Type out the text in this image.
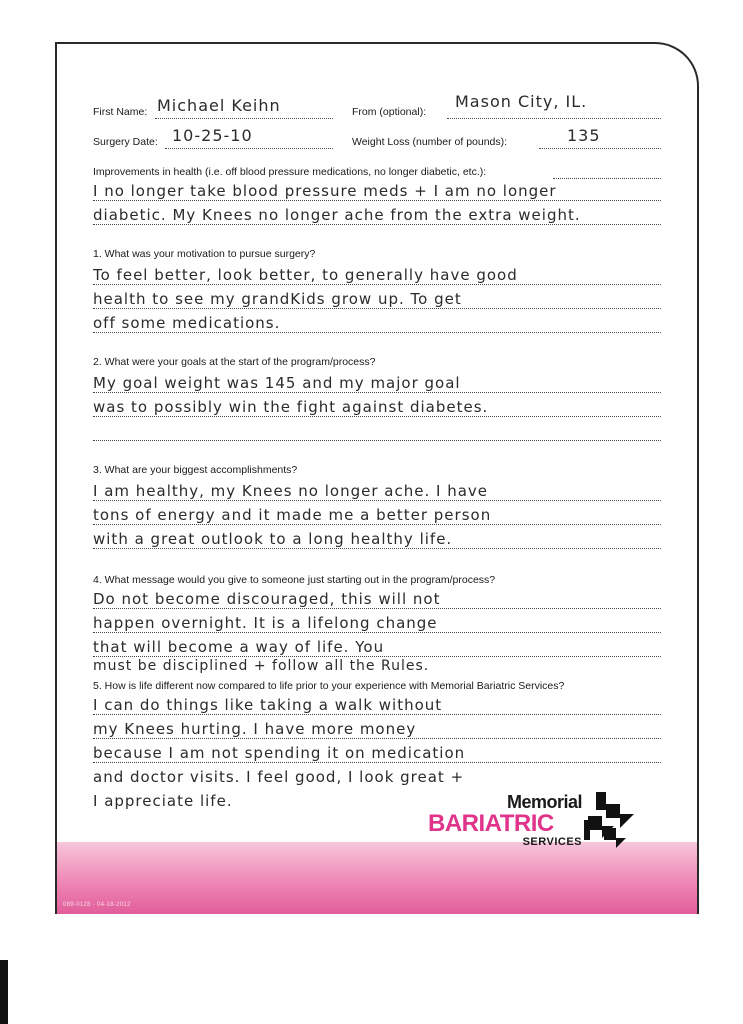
First Name: Michael Keihn	From (optional):
Mason City, IL.
Surgery Date: 10-25-10	Weight Loss (number of pounds):	135
Improvements in health (i.e. off blood pressure medications, no longer diabetic, etc.):
I no longer take blood pressure meds + I am no longer
diabetic. My Knees no longer ache from the extra weight.
1. What was your motivation to pursue surgery?
To feel better, look better, to generally have good
health to see my grandKids grow up. To get
off some medications.
2. What were your goals at the start of the program/process?
My goal weight was 145 and my major goal
was to possibly win the fight against diabetes.
3. What are your biggest accomplishments?
I am healthy, my Knees no longer ache. I have
tons of energy and it made me a better person
with a great outlook to a long healthy life.
4. What message would you give to someone just starting out in the program/process?
Do not become discouraged, this will not
happen overnight. It is a lifelong change
that will become a way of life. You
must be disciplined + follow all the Rules.
5. How is life different now compared to life prior to your experience with Memorial Bariatric Services?
I can do things like taking a walk without
my Knees hurting. I have more money
because I am not spending it on medication
and doctor visits. I feel good, I look great +
I appreciate life.
089-0128 · 04-18-2012
Memorial
BARIATRIC
SERVICES
